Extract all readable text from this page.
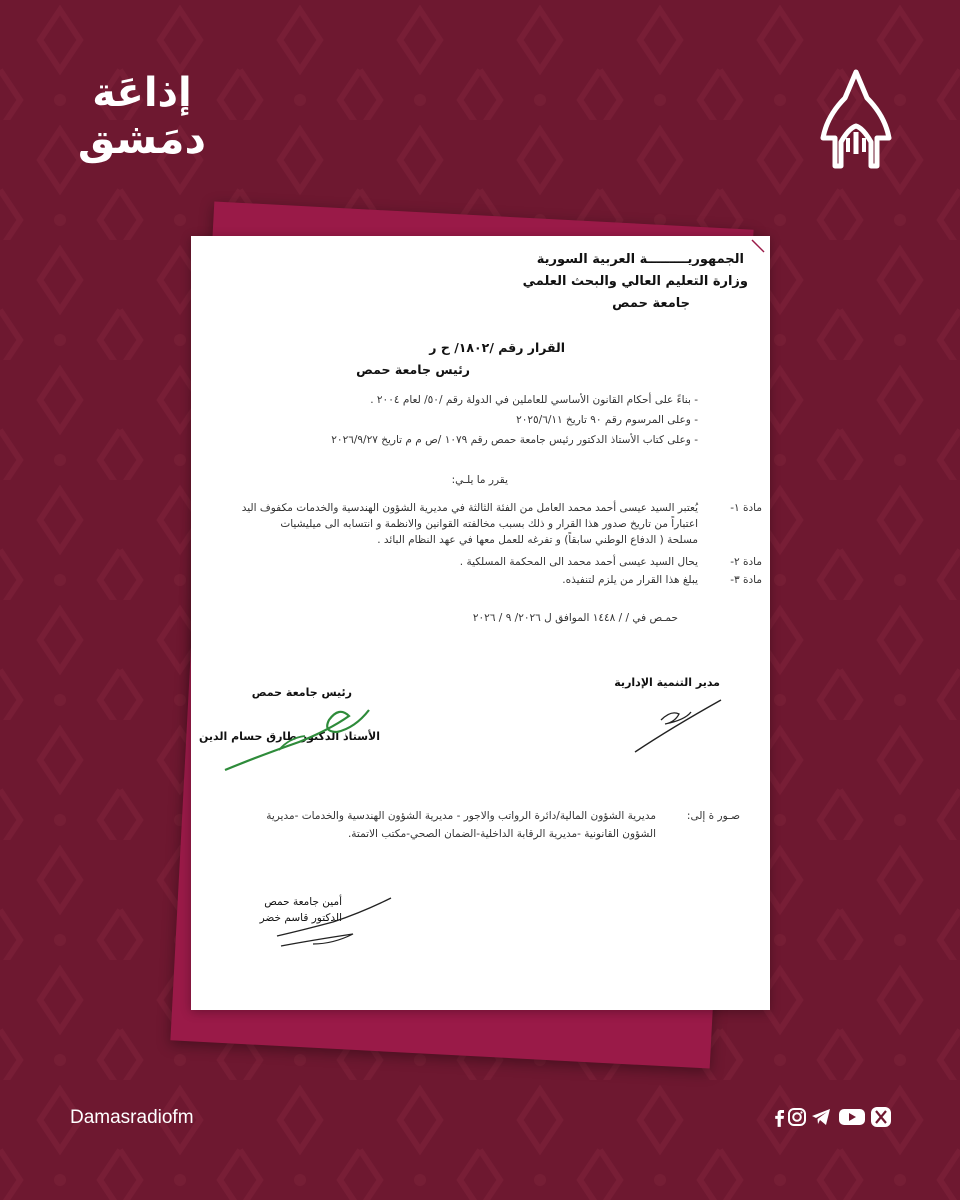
إذاعَة
دمَشق
الجمهوريـــــــــة العربية السورية
وزارة التعليم العالي والبحث العلمي
جامعة حمص
القرار رقم /١٨٠٢/ ح ر
رئيس جامعة حمص
- بناءً على أحكام القانون الأساسي للعاملين في الدولة رقم /٥٠/ لعام ٢٠٠٤ .
- وعلى المرسوم رقم ٩٠ تاريخ ٢٠٢٥/٦/١١
- وعلى كتاب الأستاذ الدكتور رئيس جامعة حمص رقم ١٠٧٩ /ص م م تاريخ ٢٠٢٦/٩/٢٧
يقرر ما يلـي:
مادة ١-
يُعتبر السيد عيسى أحمد محمد العامل من الفئة الثالثة في مديرية الشؤون الهندسية والخدمات مكفوف اليد
اعتباراً من تاريخ صدور هذا القرار و ذلك بسبب مخالفته القوانين والانظمة و انتسابه الى ميليشيات
مسلحة ( الدفاع الوطني سابقاً) و تفرغه للعمل معها في عهد النظام البائد .
مادة ٢-
يحال السيد عيسى أحمد محمد الى المحكمة المسلكية .
مادة ٣-
يبلغ هذا القرار من يلزم لتنفيذه.
حمـص في / / ١٤٤٨ الموافق ل ٢٠٢٦/ ٩ / ٢٠٢٦
مدير التنمية الإدارية
رئيس جامعة حمص
الأستاذ الدكتور طارق حسام الدين
صـور ة إلى:
مديرية الشؤون المالية/دائرة الرواتب والاجور - مديرية الشؤون الهندسية والخدمات -مديرية
الشؤون القانونية -مديرية الرقابة الداخلية-الضمان الصحي-مكتب الاتمتة.
أمين جامعة حمص
الدكتور قاسم خضر
Damasradiofm
